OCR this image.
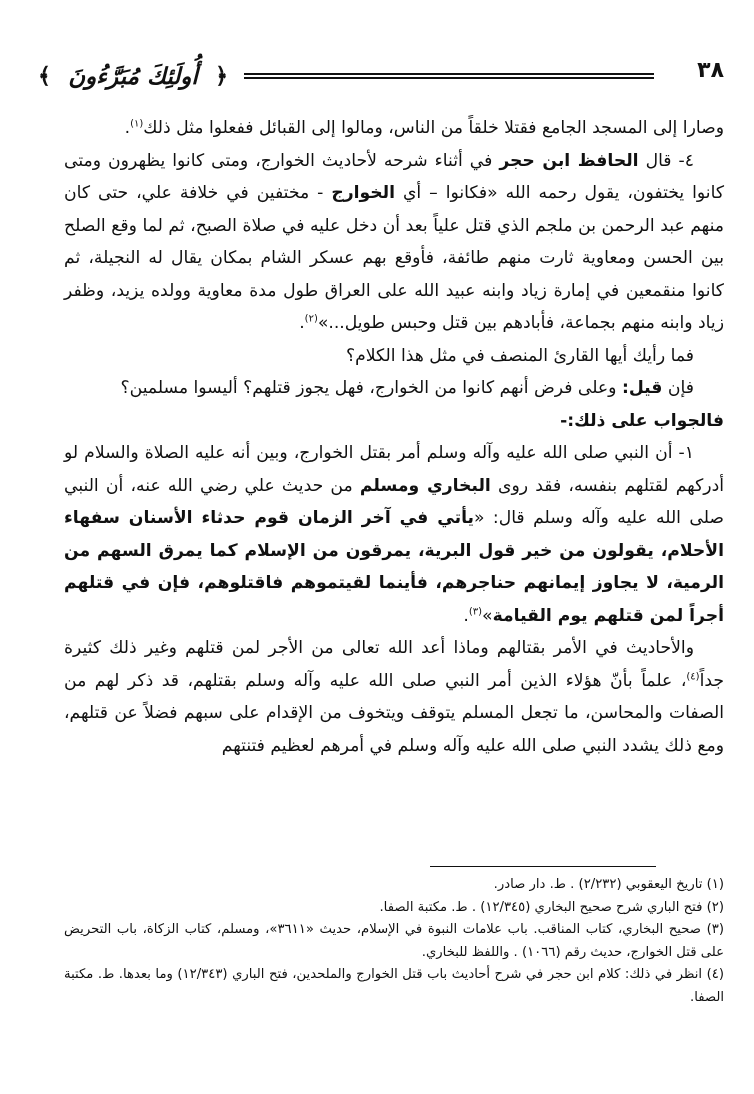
﴾ أُولَئِكَ مُبَرَّءُونَ ﴿	٣٨

وصارا إلى المسجد الجامع فقتلا خلقاً من الناس، ومالوا إلى القبائل ففعلوا مثل ذلك$^{(١)}$.

٤- قال الحافظ ابن حجر في أثناء شرحه لأحاديث الخوارج، ومتى كانوا يظهرون ومتى كانوا يختفون، يقول رحمه الله «فكانوا – أي الخوارج - مختفين في خلافة علي، حتى كان منهم عبد الرحمن بن ملجم الذي قتل علياً بعد أن دخل عليه في صلاة الصبح، ثم لما وقع الصلح بين الحسن ومعاوية ثارت منهم طائفة، فأوقع بهم عسكر الشام بمكان يقال له النجيلة، ثم كانوا منقمعين في إمارة زياد وابنه عبيد الله على العراق طول مدة معاوية وولده يزيد، وظفر زياد وابنه منهم بجماعة، فأبادهم بين قتل وحبس طويل...»$^{(٢)}$.

فما رأيك أيها القارئ المنصف في مثل هذا الكلام؟

فإن قيل: وعلى فرض أنهم كانوا من الخوارج، فهل يجوز قتلهم؟ أليسوا مسلمين؟

فالجواب على ذلك:-

١- أن النبي صلى الله عليه وآله وسلم أمر بقتل الخوارج، وبين أنه عليه الصلاة والسلام لو أدركهم لقتلهم بنفسه، فقد روى البخاري ومسلم من حديث علي رضي الله عنه، أن النبي صلى الله عليه وآله وسلم قال: «يأتي في آخر الزمان قوم حدثاء الأسنان سفهاء الأحلام، يقولون من خير قول البرية، يمرقون من الإسلام كما يمرق السهم من الرمية، لا يجاوز إيمانهم حناجرهم، فأينما لقيتموهم فاقتلوهم، فإن في قتلهم أجراً لمن قتلهم يوم القيامة»$^{(٣)}$.

والأحاديث في الأمر بقتالهم وماذا أعد الله تعالى من الأجر لمن قتلهم وغير ذلك كثيرة جداً$^{(٤)}$، علماً بأنّ هؤلاء الذين أمر النبي صلى الله عليه وآله وسلم بقتلهم، قد ذكر لهم من الصفات والمحاسن، ما تجعل المسلم يتوقف ويتخوف من الإقدام على سبهم فضلاً عن قتلهم، ومع ذلك يشدد النبي صلى الله عليه وآله وسلم في أمرهم لعظيم فتنتهم

(١) تاريخ اليعقوبي (٢/٢٣٢) . ط. دار صادر.

(٢) فتح الباري شرح صحيح البخاري (١٢/٣٤٥) . ط. مكتبة الصفا.

(٣) صحيح البخاري، كتاب المناقب. باب علامات النبوة في الإسلام، حديث «٣٦١١»، ومسلم، كتاب الزكاة، باب التحريض على قتل الخوارج، حديث رقم (١٠٦٦) . واللفظ للبخاري.

(٤) انظر في ذلك: كلام ابن حجر في شرح أحاديث باب قتل الخوارج والملحدين، فتح الباري (١٢/٣٤٣) وما بعدها. ط. مكتبة الصفا.
